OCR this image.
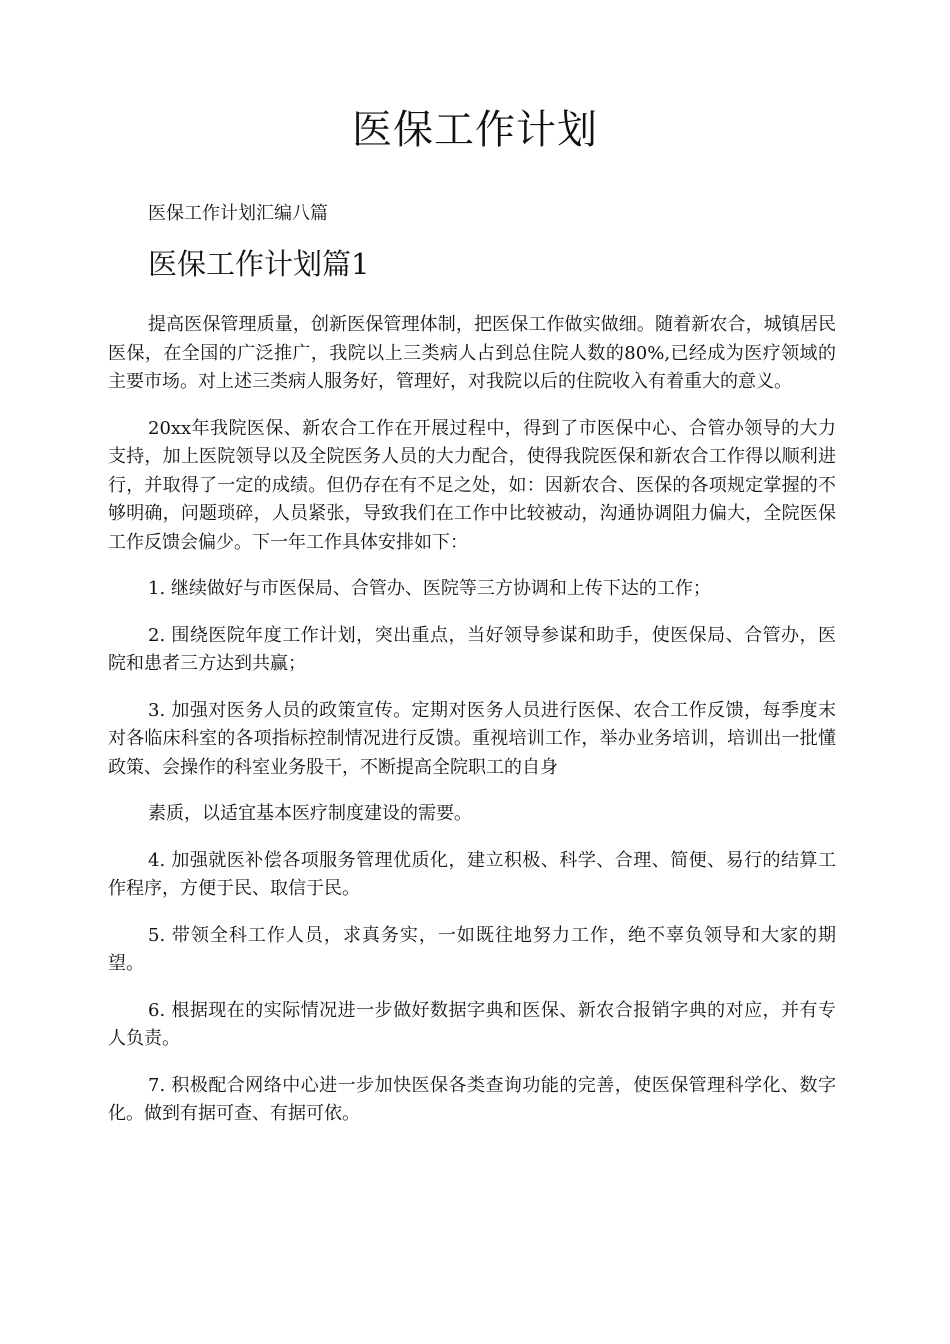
医保工作计划

医保工作计划汇编八篇

医保工作计划篇1

提高医保管理质量，创新医保管理体制，把医保工作做实做细。随着新农合，城镇居民医保，在全国的广泛推广，我院以上三类病人占到总住院人数的80%,已经成为医疗领域的主要市场。对上述三类病人服务好，管理好，对我院以后的住院收入有着重大的意义。

20xx年我院医保、新农合工作在开展过程中，得到了市医保中心、合管办领导的大力支持，加上医院领导以及全院医务人员的大力配合，使得我院医保和新农合工作得以顺利进行，并取得了一定的成绩。但仍存在有不足之处，如：因新农合、医保的各项规定掌握的不够明确，问题琐碎，人员紧张，导致我们在工作中比较被动，沟通协调阻力偏大，全院医保工作反馈会偏少。下一年工作具体安排如下：

1. 继续做好与市医保局、合管办、医院等三方协调和上传下达的工作；

2. 围绕医院年度工作计划，突出重点，当好领导参谋和助手，使医保局、合管办，医院和患者三方达到共赢；

3. 加强对医务人员的政策宣传。定期对医务人员进行医保、农合工作反馈，每季度末对各临床科室的各项指标控制情况进行反馈。重视培训工作，举办业务培训，培训出一批懂政策、会操作的科室业务股干，不断提高全院职工的自身

素质，以适宜基本医疗制度建设的需要。

4. 加强就医补偿各项服务管理优质化，建立积极、科学、合理、简便、易行的结算工作程序，方便于民、取信于民。

5. 带领全科工作人员，求真务实，一如既往地努力工作，绝不辜负领导和大家的期望。

6. 根据现在的实际情况进一步做好数据字典和医保、新农合报销字典的对应，并有专人负责。

7. 积极配合网络中心进一步加快医保各类查询功能的完善，使医保管理科学化、数字化。做到有据可查、有据可依。
